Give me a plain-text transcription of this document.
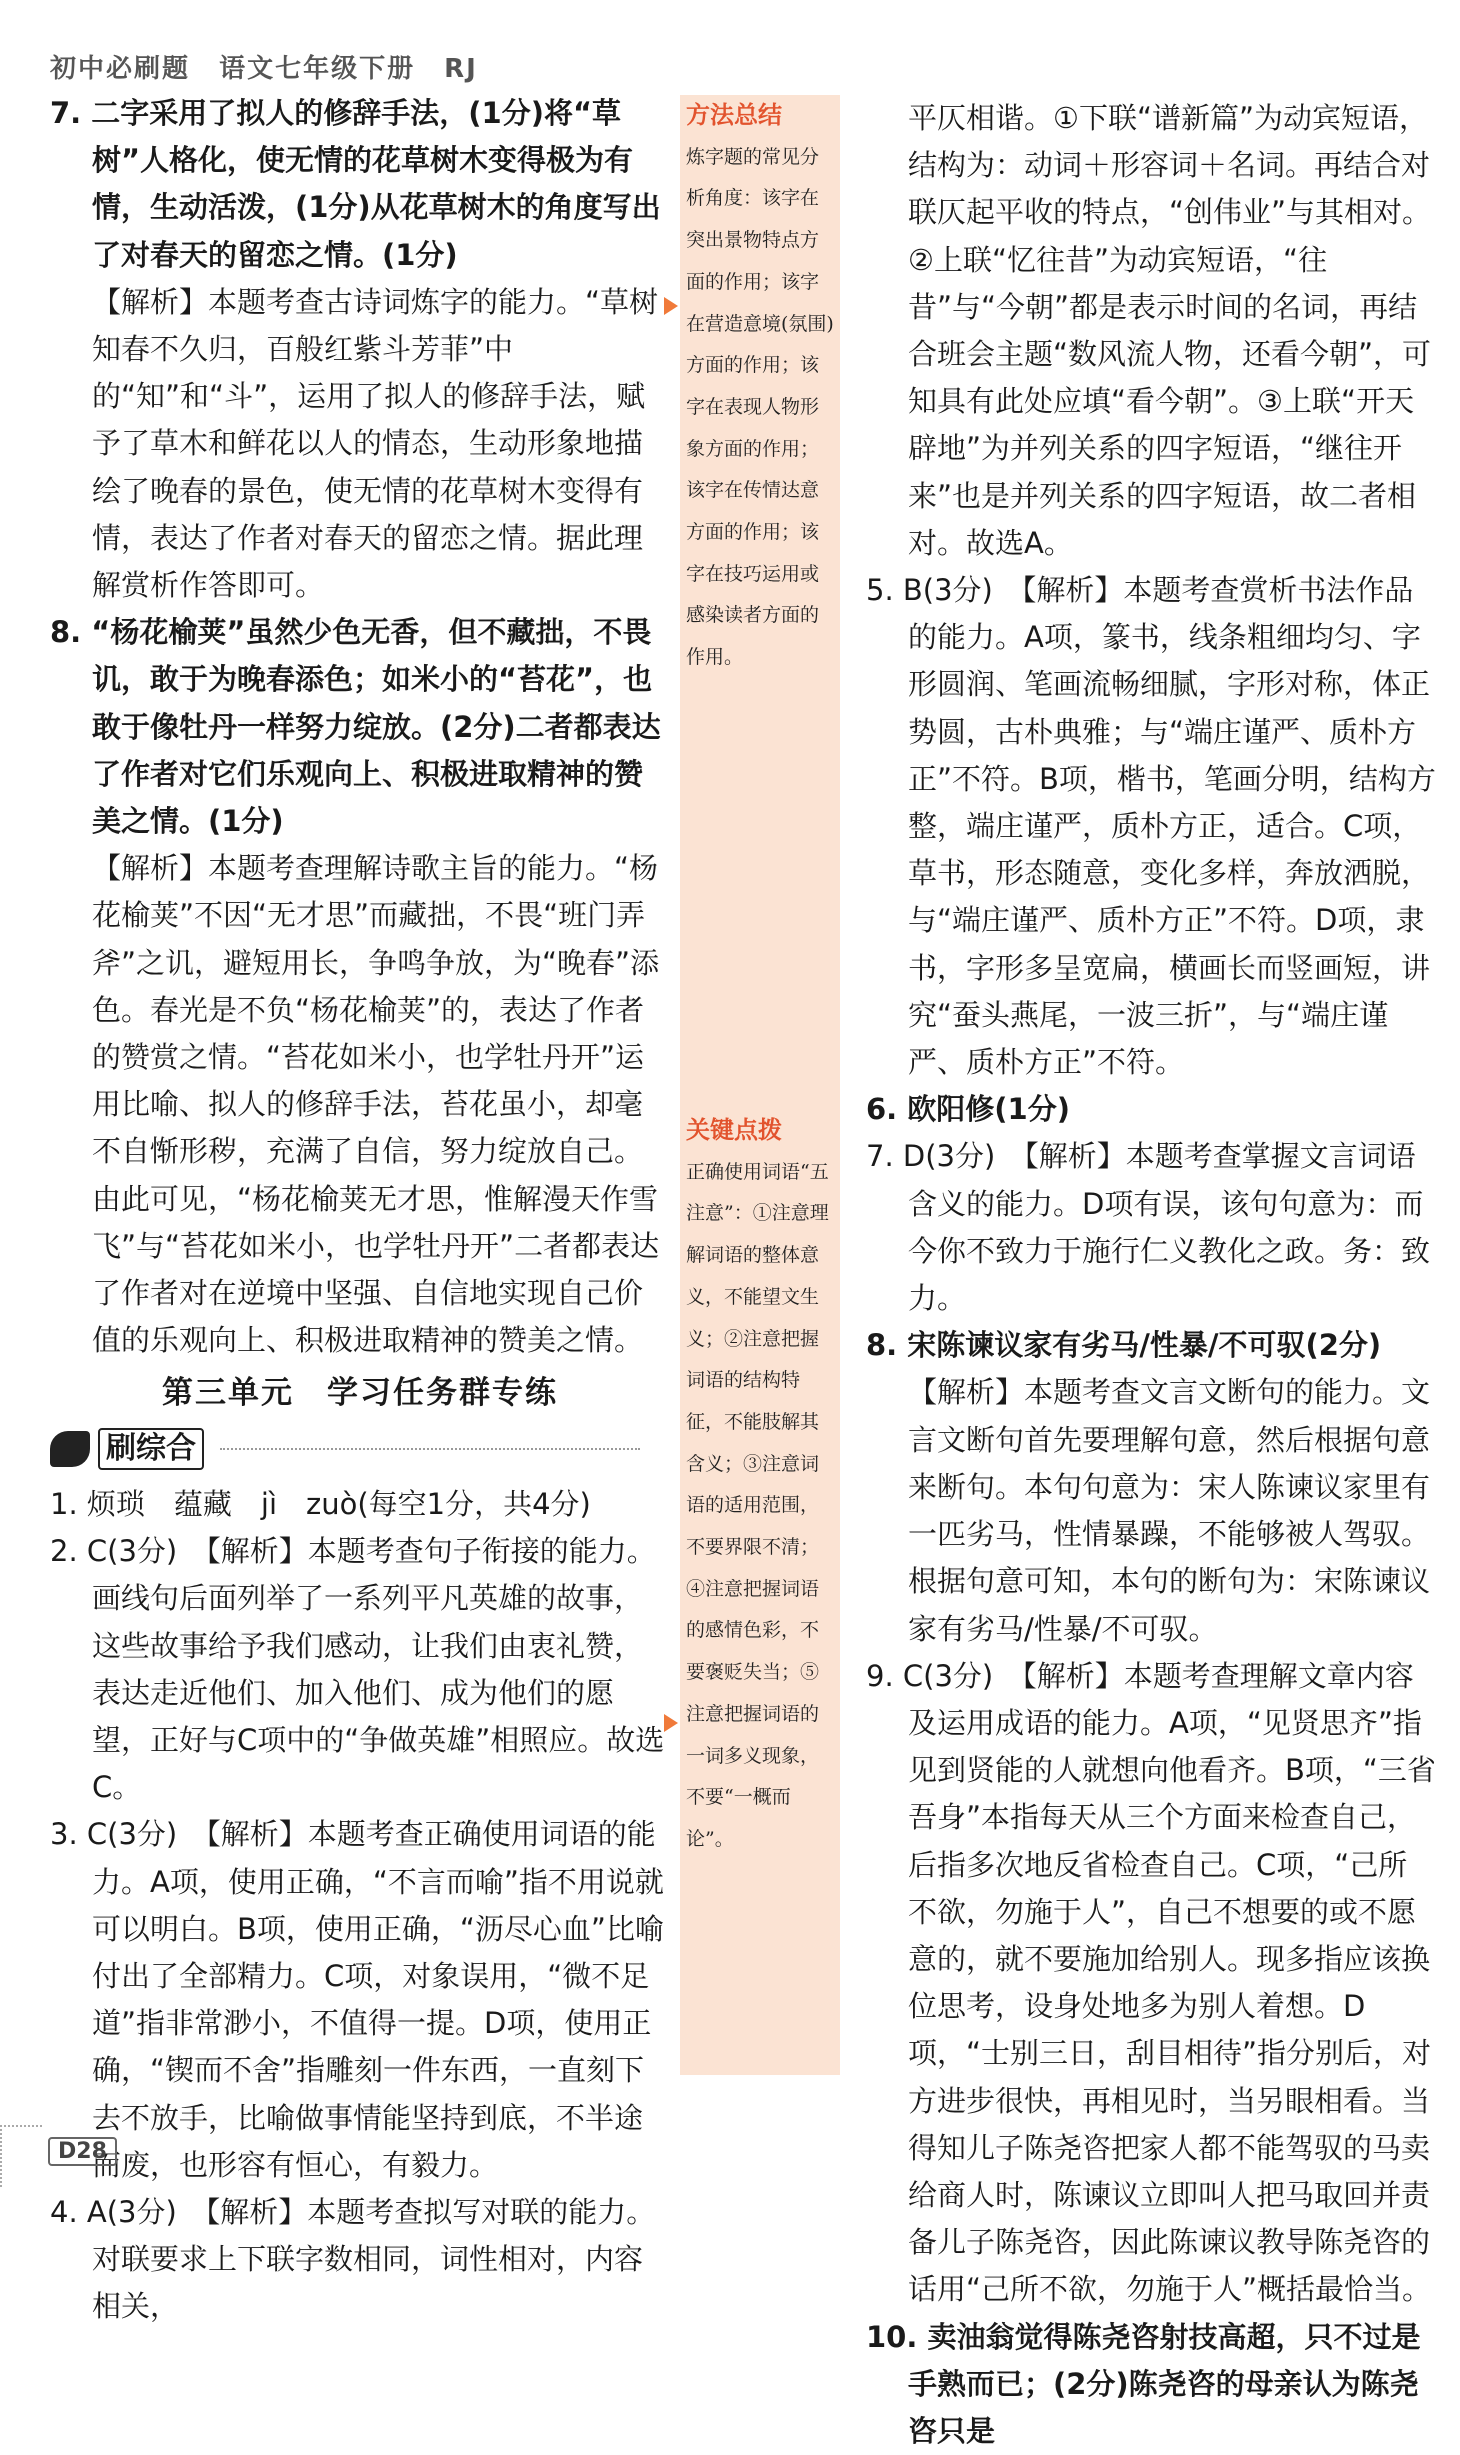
初中必刷题 语文七年级下册 RJ

7. 二字采用了拟人的修辞手法，(1分)将“草树”人格化，使无情的花草树木变得极为有情，生动活泼，(1分)从花草树木的角度写出了对春天的留恋之情。(1分)

【解析】本题考查古诗词炼字的能力。“草树知春不久归，百般红紫斗芳菲”中的“知”和“斗”，运用了拟人的修辞手法，赋予了草木和鲜花以人的情态，生动形象地描绘了晚春的景色，使无情的花草树木变得有情，表达了作者对春天的留恋之情。据此理解赏析作答即可。

8. “杨花榆荚”虽然少色无香，但不藏拙，不畏讥，敢于为晚春添色；如米小的“苔花”，也敢于像牡丹一样努力绽放。(2分)二者都表达了作者对它们乐观向上、积极进取精神的赞美之情。(1分)

【解析】本题考查理解诗歌主旨的能力。“杨花榆荚”不因“无才思”而藏拙，不畏“班门弄斧”之讥，避短用长，争鸣争放，为“晚春”添色。春光是不负“杨花榆荚”的，表达了作者的赞赏之情。“苔花如米小，也学牡丹开”运用比喻、拟人的修辞手法，苔花虽小，却毫不自惭形秽，充满了自信，努力绽放自己。由此可见，“杨花榆荚无才思，惟解漫天作雪飞”与“苔花如米小，也学牡丹开”二者都表达了作者对在逆境中坚强、自信地实现自己价值的乐观向上、积极进取精神的赞美之情。

第三单元　学习任务群专练
刷综合

1. 烦琐　蕴藏　jì　zuò(每空1分，共4分)

2. C(3分)　【解析】本题考查句子衔接的能力。画线句后面列举了一系列平凡英雄的故事，这些故事给予我们感动，让我们由衷礼赞，表达走近他们、加入他们、成为他们的愿望，正好与C项中的“争做英雄”相照应。故选C。

3. C(3分)　【解析】本题考查正确使用词语的能力。A项，使用正确，“不言而喻”指不用说就可以明白。B项，使用正确，“沥尽心血”比喻付出了全部精力。C项，对象误用，“微不足道”指非常渺小，不值得一提。D项，使用正确，“锲而不舍”指雕刻一件东西，一直刻下去不放手，比喻做事情能坚持到底，不半途而废，也形容有恒心，有毅力。

4. A(3分)　【解析】本题考查拟写对联的能力。对联要求上下联字数相同，词性相对，内容相关，

方法总结
炼字题的常见分析角度：该字在突出景物特点方面的作用；该字在营造意境(氛围)方面的作用；该字在表现人物形象方面的作用；该字在传情达意方面的作用；该字在技巧运用或感染读者方面的作用。
关键点拨
正确使用词语“五注意”：①注意理解词语的整体意义，不能望文生义；②注意把握词语的结构特征，不能肢解其含义；③注意词语的适用范围，不要界限不清；④注意把握词语的感情色彩，不要褒贬失当；⑤注意把握词语的一词多义现象，不要“一概而论”。

平仄相谐。①下联“谱新篇”为动宾短语，结构为：动词＋形容词＋名词。再结合对联仄起平收的特点，“创伟业”与其相对。②上联“忆往昔”为动宾短语，“往昔”与“今朝”都是表示时间的名词，再结合班会主题“数风流人物，还看今朝”，可知具有此处应填“看今朝”。③上联“开天辟地”为并列关系的四字短语，“继往开来”也是并列关系的四字短语，故二者相对。故选A。

5. B(3分)　【解析】本题考查赏析书法作品的能力。A项，篆书，线条粗细均匀、字形圆润、笔画流畅细腻，字形对称，体正势圆，古朴典雅；与“端庄谨严、质朴方正”不符。B项，楷书，笔画分明，结构方整，端庄谨严，质朴方正，适合。C项，草书，形态随意，变化多样，奔放洒脱，与“端庄谨严、质朴方正”不符。D项，隶书，字形多呈宽扁，横画长而竖画短，讲究“蚕头燕尾，一波三折”，与“端庄谨严、质朴方正”不符。

6. 欧阳修(1分)

7. D(3分)　【解析】本题考查掌握文言词语含义的能力。D项有误，该句句意为：而今你不致力于施行仁义教化之政。务：致力。

8. 宋陈谏议家有劣马/性暴/不可驭(2分)

【解析】本题考查文言文断句的能力。文言文断句首先要理解句意，然后根据句意来断句。本句句意为：宋人陈谏议家里有一匹劣马，性情暴躁，不能够被人驾驭。根据句意可知，本句的断句为：宋陈谏议家有劣马/性暴/不可驭。

9. C(3分)　【解析】本题考查理解文章内容及运用成语的能力。A项，“见贤思齐”指见到贤能的人就想向他看齐。B项，“三省吾身”本指每天从三个方面来检查自己，后指多次地反省检查自己。C项，“己所不欲，勿施于人”，自己不想要的或不愿意的，就不要施加给别人。现多指应该换位思考，设身处地多为别人着想。D项，“士别三日，刮目相待”指分别后，对方进步很快，再相见时，当另眼相看。当得知儿子陈尧咨把家人都不能驾驭的马卖给商人时，陈谏议立即叫人把马取回并责备儿子陈尧咨，因此陈谏议教导陈尧咨的话用“己所不欲，勿施于人”概括最恰当。

10. 卖油翁觉得陈尧咨射技高超，只不过是手熟而已；(2分)陈尧咨的母亲认为陈尧咨只是

D28
